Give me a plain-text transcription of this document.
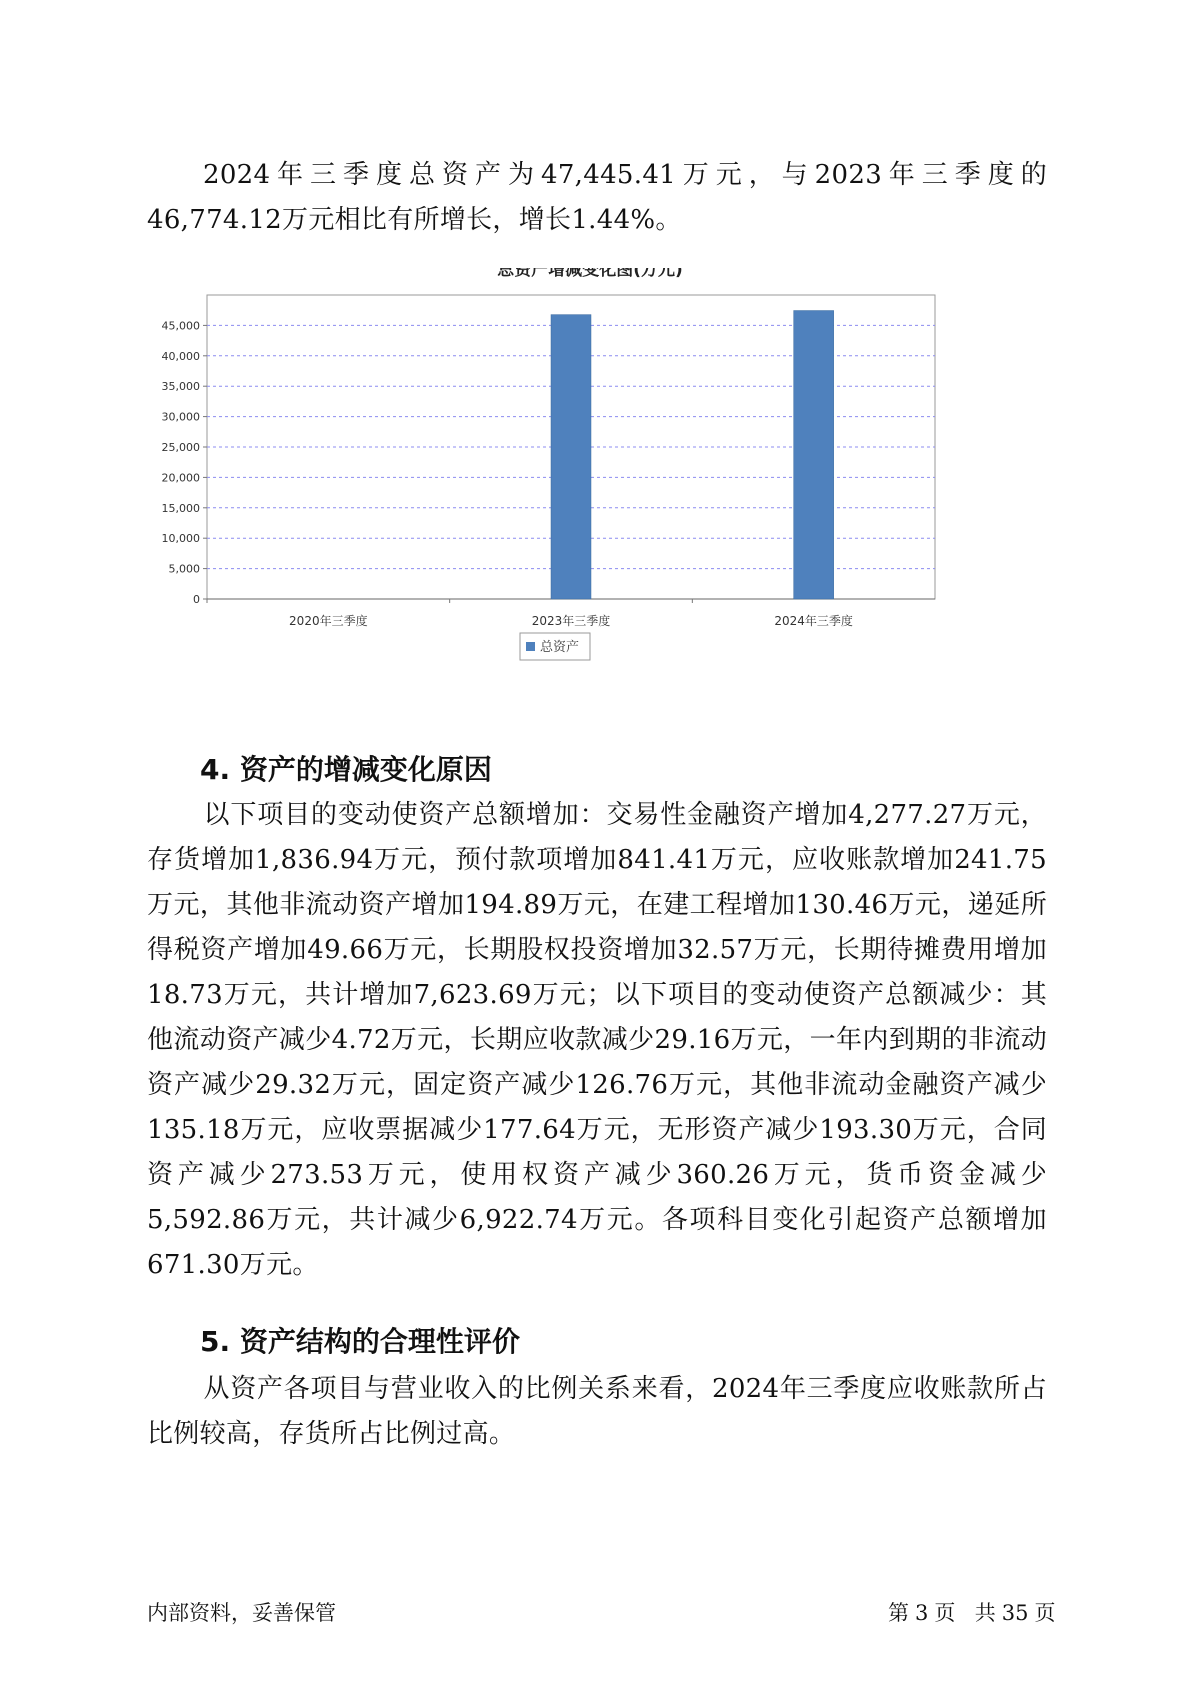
2024年三季度总资产为47,445.41万元，与2023年三季度的46,774.12万元相比有所增长，增长1.44%。

总资产增减变化图(万元)
0
5,000
10,000
15,000
20,000
25,000
30,000
35,000
40,000
45,000
2020年三季度	2023年三季度	2024年三季度
总资产
4. 资产的增减变化原因

以下项目的变动使资产总额增加：交易性金融资产增加4,277.27万元，存货增加1,836.94万元，预付款项增加841.41万元，应收账款增加241.75万元，其他非流动资产增加194.89万元，在建工程增加130.46万元，递延所得税资产增加49.66万元，长期股权投资增加32.57万元，长期待摊费用增加18.73万元，共计增加7,623.69万元；以下项目的变动使资产总额减少：其他流动资产减少4.72万元，长期应收款减少29.16万元，一年内到期的非流动资产减少29.32万元，固定资产减少126.76万元，其他非流动金融资产减少135.18万元，应收票据减少177.64万元，无形资产减少193.30万元，合同资产减少273.53万元，使用权资产减少360.26万元，货币资金减少5,592.86万元，共计减少6,922.74万元。各项科目变化引起资产总额增加671.30万元。

5. 资产结构的合理性评价

从资产各项目与营业收入的比例关系来看，2024年三季度应收账款所占比例较高，存货所占比例过高。

内部资料，妥善保管	第 3 页 共 35 页
